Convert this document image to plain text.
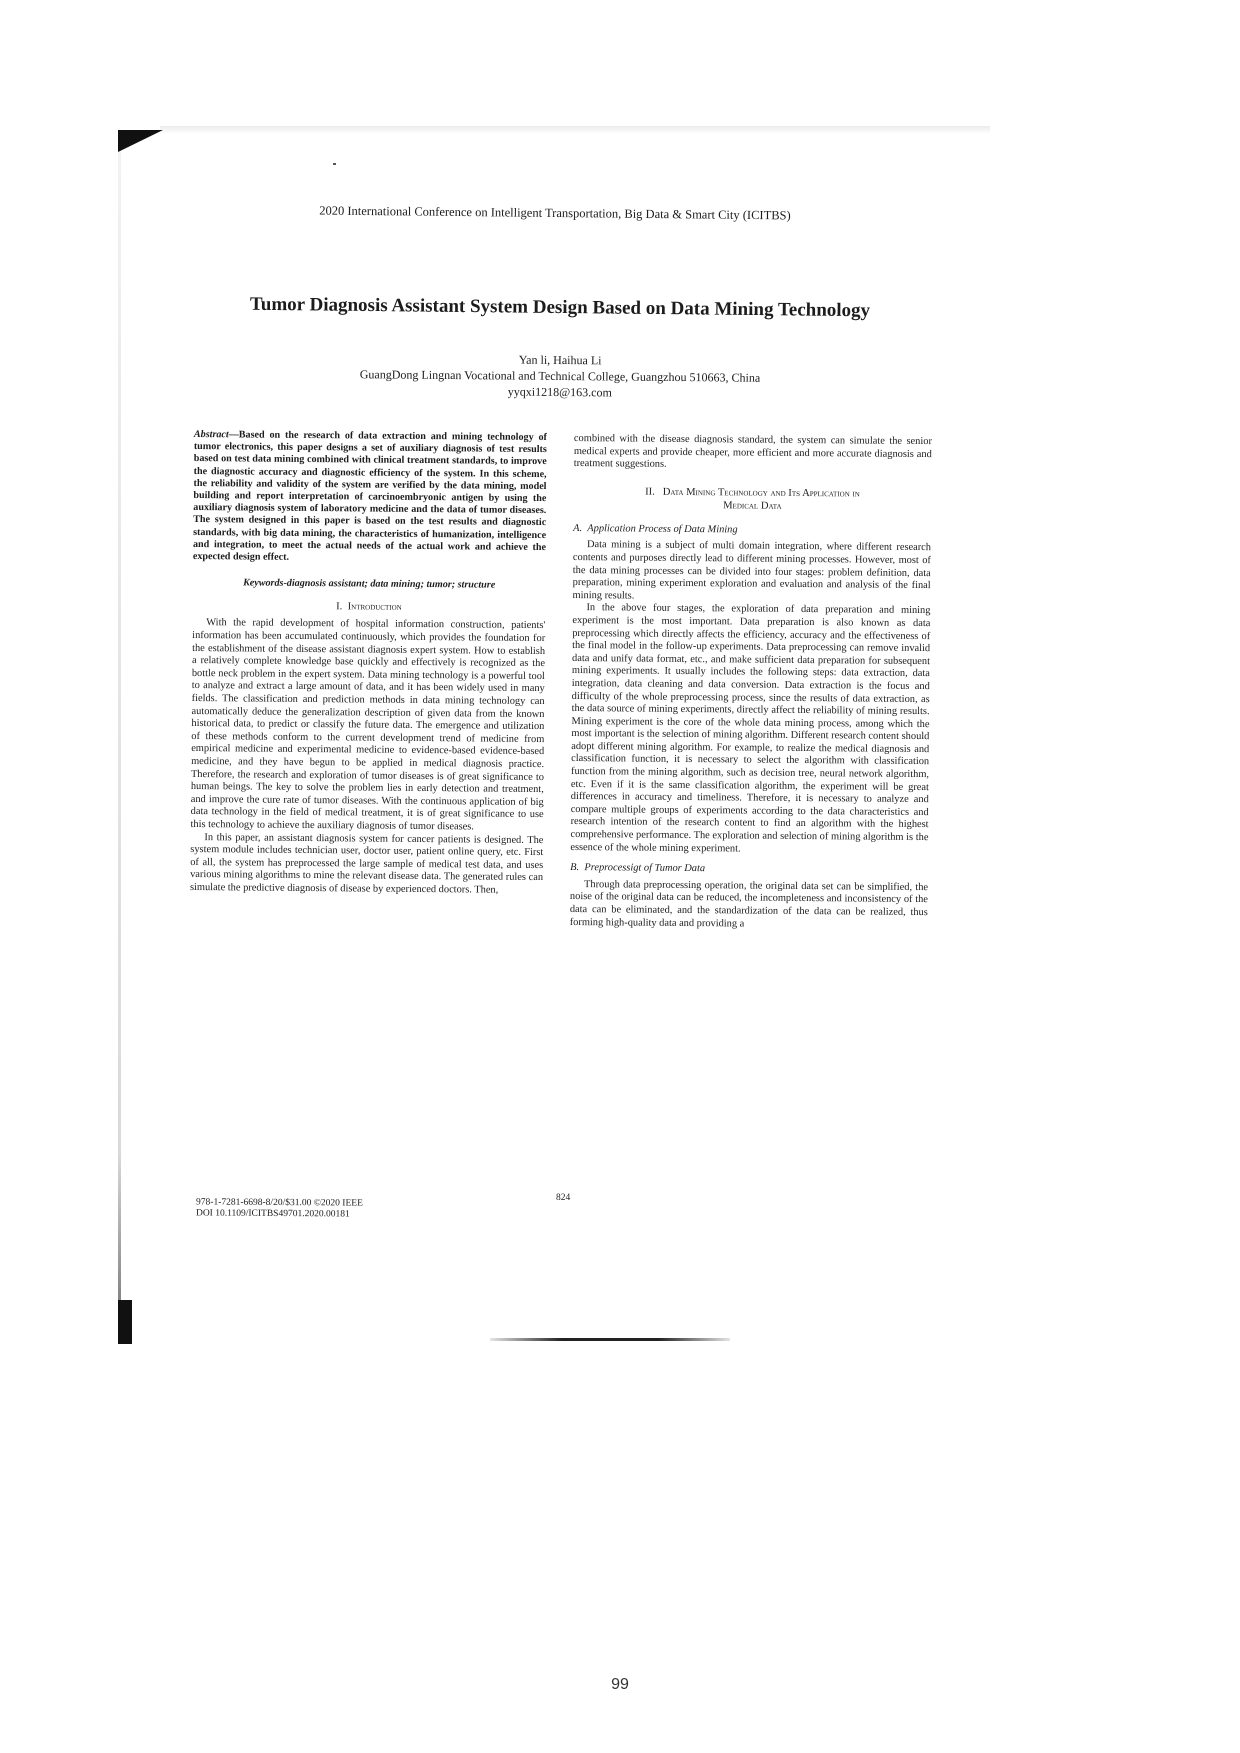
2020 International Conference on Intelligent Transportation, Big Data & Smart City (ICITBS)
Tumor Diagnosis Assistant System Design Based on Data Mining Technology
Yan li, Haihua Li
GuangDong Lingnan Vocational and Technical College, Guangzhou 510663, China
yyqxi1218@163.com

Abstract—Based on the research of data extraction and mining technology of tumor electronics, this paper designs a set of auxiliary diagnosis of test results based on test data mining combined with clinical treatment standards, to improve the diagnostic accuracy and diagnostic efficiency of the system. In this scheme, the reliability and validity of the system are verified by the data mining, model building and report interpretation of carcinoembryonic antigen by using the auxiliary diagnosis system of laboratory medicine and the data of tumor diseases. The system designed in this paper is based on the test results and diagnostic standards, with big data mining, the characteristics of humanization, intelligence and integration, to meet the actual needs of the actual work and achieve the expected design effect.

Keywords-diagnosis assistant; data mining; tumor; structure
I. Introduction

With the rapid development of hospital information construction, patients' information has been accumulated continuously, which provides the foundation for the establishment of the disease assistant diagnosis expert system. How to establish a relatively complete knowledge base quickly and effectively is recognized as the bottle neck problem in the expert system. Data mining technology is a powerful tool to analyze and extract a large amount of data, and it has been widely used in many fields. The classification and prediction methods in data mining technology can automatically deduce the generalization description of given data from the known historical data, to predict or classify the future data. The emergence and utilization of these methods conform to the current development trend of medicine from empirical medicine and experimental medicine to evidence-based evidence-based medicine, and they have begun to be applied in medical diagnosis practice. Therefore, the research and exploration of tumor diseases is of great significance to human beings. The key to solve the problem lies in early detection and treatment, and improve the cure rate of tumor diseases. With the continuous application of big data technology in the field of medical treatment, it is of great significance to use this technology to achieve the auxiliary diagnosis of tumor diseases.

In this paper, an assistant diagnosis system for cancer patients is designed. The system module includes technician user, doctor user, patient online query, etc. First of all, the system has preprocessed the large sample of medical test data, and uses various mining algorithms to mine the relevant disease data. The generated rules can simulate the predictive diagnosis of disease by experienced doctors. Then,

combined with the disease diagnosis standard, the system can simulate the senior medical experts and provide cheaper, more efficient and more accurate diagnosis and treatment suggestions.

II. Data Mining Technology and Its Application in
Medical Data
A. Application Process of Data Mining

Data mining is a subject of multi domain integration, where different research contents and purposes directly lead to different mining processes. However, most of the data mining processes can be divided into four stages: problem definition, data preparation, mining experiment exploration and evaluation and analysis of the final mining results.

In the above four stages, the exploration of data preparation and mining experiment is the most important. Data preparation is also known as data preprocessing which directly affects the efficiency, accuracy and the effectiveness of the final model in the follow-up experiments. Data preprocessing can remove invalid data and unify data format, etc., and make sufficient data preparation for subsequent mining experiments. It usually includes the following steps: data extraction, data integration, data cleaning and data conversion. Data extraction is the focus and difficulty of the whole preprocessing process, since the results of data extraction, as the data source of mining experiments, directly affect the reliability of mining results. Mining experiment is the core of the whole data mining process, among which the most important is the selection of mining algorithm. Different research content should adopt different mining algorithm. For example, to realize the medical diagnosis and classification function, it is necessary to select the algorithm with classification function from the mining algorithm, such as decision tree, neural network algorithm, etc. Even if it is the same classification algorithm, the experiment will be great differences in accuracy and timeliness. Therefore, it is necessary to analyze and compare multiple groups of experiments according to the data characteristics and research intention of the research content to find an algorithm with the highest comprehensive performance. The exploration and selection of mining algorithm is the essence of the whole mining experiment.

B. Preprocessigt of Tumor Data

Through data preprocessing operation, the original data set can be simplified, the noise of the original data can be reduced, the incompleteness and inconsistency of the data can be eliminated, and the standardization of the data can be realized, thus forming high-quality data and providing a

978-1-7281-6698-8/20/$31.00 ©2020 IEEE
DOI 10.1109/ICITBS49701.2020.00181
824
99
